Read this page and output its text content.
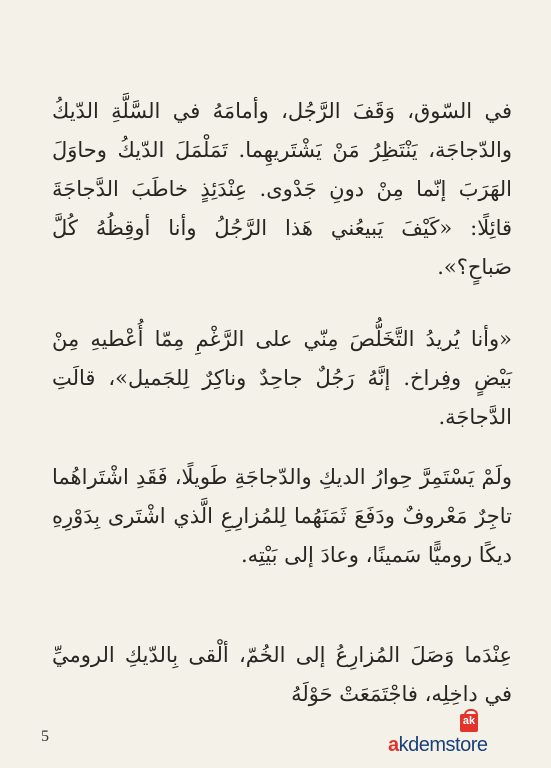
في السّوق، وَقَفَ الرَّجُل، وأمامَهُ في السَّلَّةِ الدّيكُ والدّجاجَة، يَنْتَظِرُ مَنْ يَشْتَريهِما. تَمَلْمَلَ الدّيكُ وحاوَلَ الهَرَبَ إنّما مِنْ دونِ جَدْوى. عِنْدَئِذٍ خاطَبَ الدَّجاجَةَ قائِلًا: «كَيْفَ يَبيعُني هَذا الرَّجُلُ وأنا أوقِظُهُ كُلَّ صَباحٍ؟».

«وأنا يُريدُ التَّخَلُّصَ مِنّي على الرَّغْمِ مِمّا أُعْطيهِ مِنْ بَيْضٍ وفِراخ. إنَّهُ رَجُلٌ جاحِدٌ وناكِرٌ لِلجَميل»، قالَتِ الدَّجاجَة.

ولَمْ يَسْتَمِرَّ حِوارُ الديكِ والدّجاجَةِ طَويلًا، فَقَدِ اشْتَراهُما تاجِرٌ مَعْروفٌ ودَفَعَ ثَمَنَهُما لِلمُزارِعِ الَّذي اشْتَرى بِدَوْرِهِ ديكًا روميًّا سَمينًا، وعادَ إلى بَيْتِه.

عِنْدَما وَصَلَ المُزارِعُ إلى الخُمّ، ألْقى بِالدّيكِ الروميِّ في داخِلِه، فاجْتَمَعَتْ حَوْلَهُ

5
ak
akdemstore
